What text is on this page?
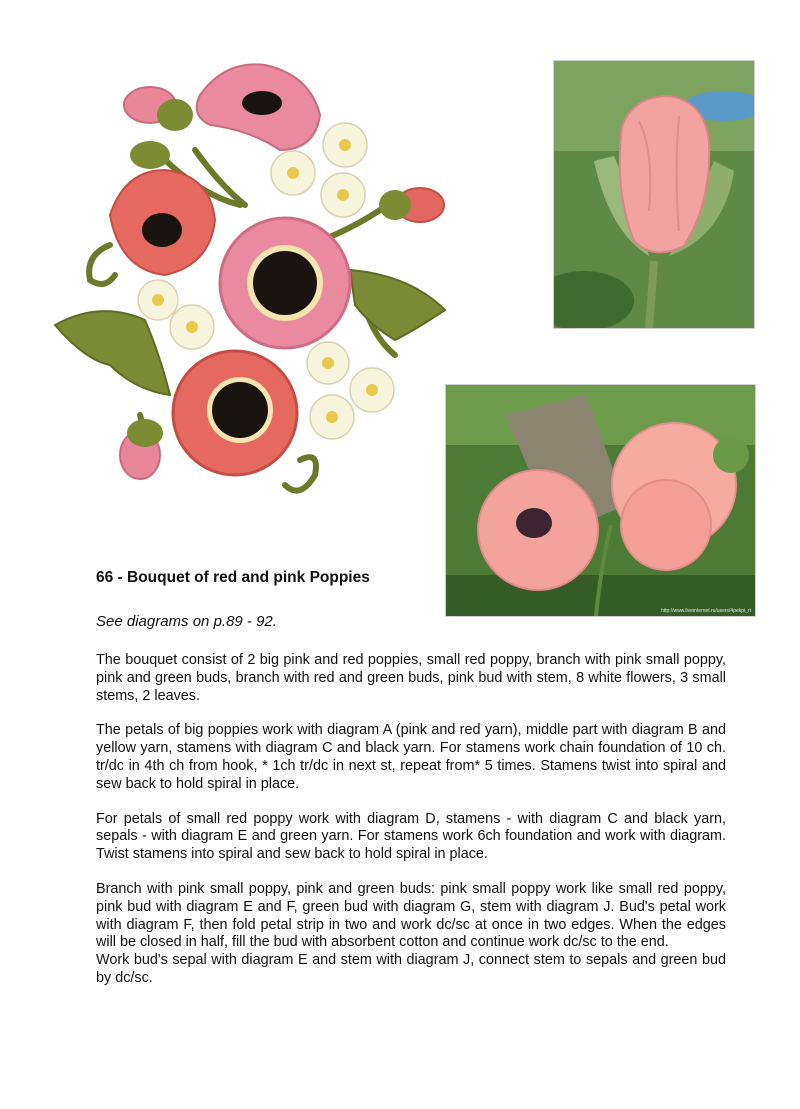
http://www.liveinternet.ru/users/4pekpi_rt
66 - Bouquet of red and pink Poppies

See diagrams on p.89 - 92.

The bouquet consist of 2 big pink and red poppies, small red poppy, branch with pink small poppy, pink and green buds, branch with red and green buds, pink bud with stem, 8 white flowers, 3 small stems, 2 leaves.

The petals of big poppies work with diagram A (pink and red yarn), middle part with diagram B and yellow yarn, stamens with diagram C and black yarn. For stamens work chain foundation of 10 ch. tr/dc in 4th ch from hook, * 1ch tr/dc in next st, repeat from* 5 times. Stamens twist into spiral and sew back to hold spiral in place.

For petals of small red poppy work with diagram D, stamens - with diagram C and black yarn, sepals - with diagram E and green yarn. For stamens work 6ch foundation and work with diagram. Twist stamens into spiral and sew back to hold spiral in place.

Branch with pink small poppy, pink and green buds: pink small poppy work like small red poppy, pink bud with diagram E and F, green bud with diagram G, stem with diagram J. Bud's petal work with diagram F, then fold petal strip in two and work dc/sc at once in two edges. When the edges will be closed in half, fill the bud with absorbent cotton and continue work dc/sc to the end.

Work bud's sepal with diagram E and stem with diagram J, connect stem to sepals and green bud by dc/sc.
